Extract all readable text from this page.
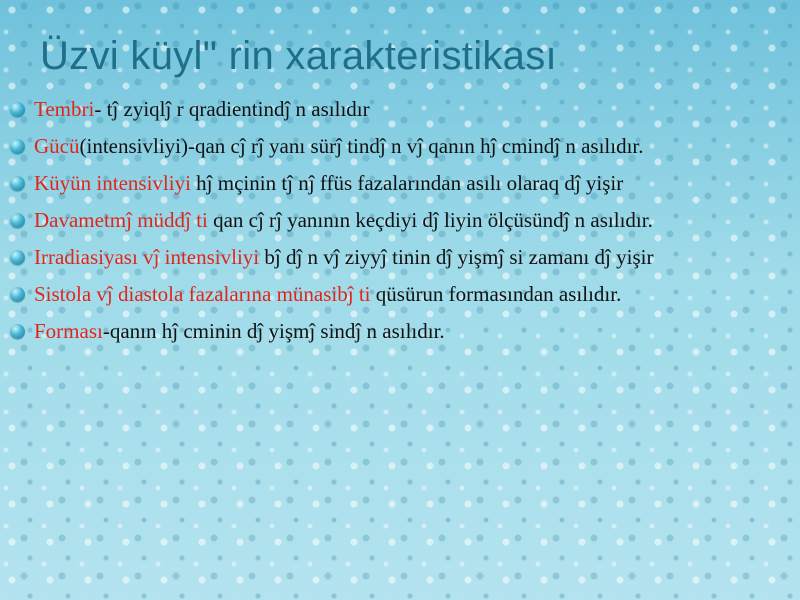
Üzvi küyl" rin xarakteristikası
Tembri- tĵ zyiqlĵ r qradientindĵ n asılıdır
Gücü(intensivliyi)-qan cĵ rĵ yanı sürĵ tindĵ n vĵ qanın hĵ cmindĵ n asılıdır.
Küyün intensivliyi hĵ mçinin tĵ nĵ ffüs fazalarından asılı olaraq dĵ yişir
Davametmĵ müddĵ ti qan cĵ rĵ yanının keçdiyi dĵ liyin ölçüsündĵ n asılıdır.
Irradiasiyası vĵ intensivliyi bĵ dĵ n vĵ ziyyĵ tinin dĵ yişmĵ si zamanı dĵ yişir
Sistola vĵ diastola fazalarına münasibĵ ti qüsürun formasından asılıdır.
Forması-qanın hĵ cminin dĵ yişmĵ sindĵ n asılıdır.
